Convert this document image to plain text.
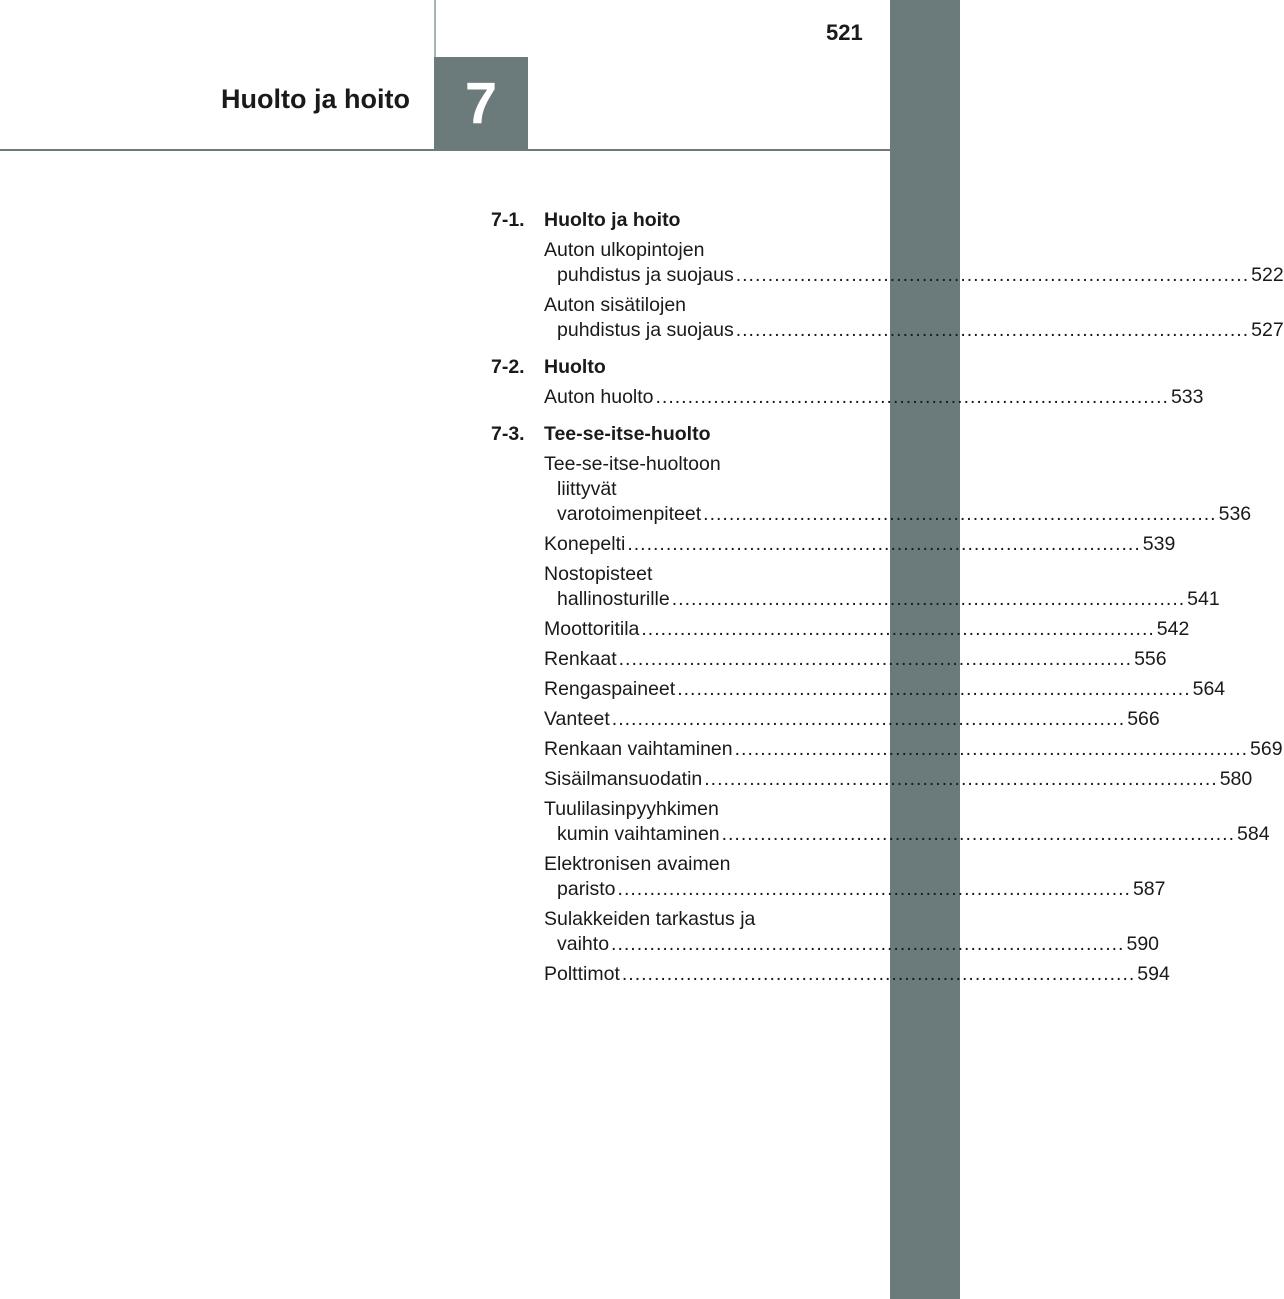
7
Huolto ja hoito
521
7-1. Huolto ja hoito
Auton ulkopintojen
puhdistus ja suojaus ................................................................................ 522
Auton sisätilojen
puhdistus ja suojaus ................................................................................ 527
7-2. Huolto
Auton huolto ................................................................................ 533
7-3. Tee-se-itse-huolto
Tee-se-itse-huoltoon
liittyvät
varotoimenpiteet ................................................................................ 536
Konepelti ................................................................................ 539
Nostopisteet
hallinosturille ................................................................................ 541
Moottoritila ................................................................................ 542
Renkaat ................................................................................ 556
Rengaspaineet ................................................................................ 564
Vanteet ................................................................................ 566
Renkaan vaihtaminen ................................................................................ 569
Sisäilmansuodatin ................................................................................ 580
Tuulilasinpyyhkimen
kumin vaihtaminen ................................................................................ 584
Elektronisen avaimen
paristo ................................................................................ 587
Sulakkeiden tarkastus ja
vaihto ................................................................................ 590
Polttimot ................................................................................ 594
